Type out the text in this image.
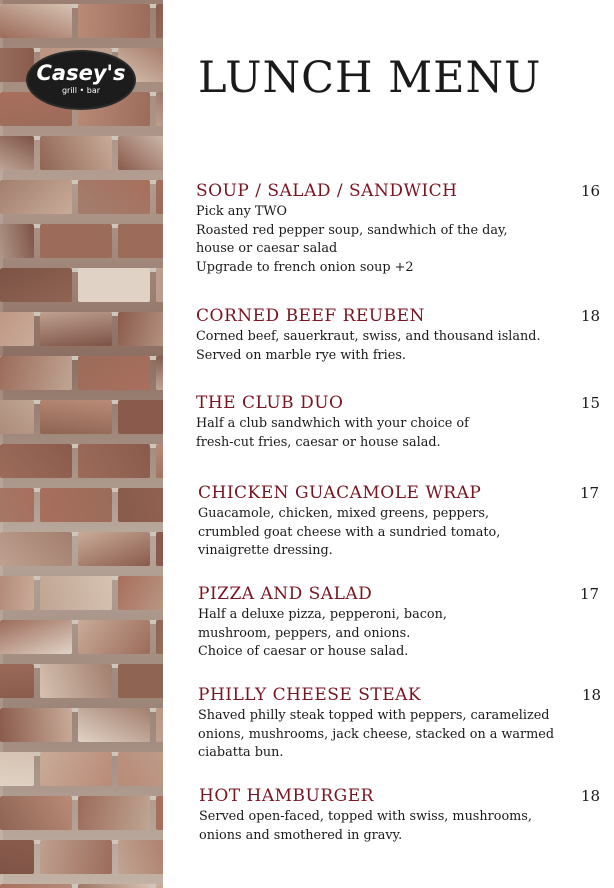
Casey's
grill • bar	LUNCH MENU
SOUP / SALAD / SANDWICH	16
Pick any TWO
Roasted red pepper soup, sandwhich of the day,
house or caesar salad
Upgrade to french onion soup +2
CORNED BEEF REUBEN	18
Corned beef, sauerkraut, swiss, and thousand island.
Served on marble rye with fries.
THE CLUB DUO	15
Half a club sandwhich with your choice of
fresh-cut fries, caesar or house salad.
CHICKEN GUACAMOLE WRAP	17
Guacamole, chicken, mixed greens, peppers,
crumbled goat cheese with a sundried tomato,
vinaigrette dressing.
PIZZA AND SALAD	17
Half a deluxe pizza, pepperoni, bacon,
mushroom, peppers, and onions.
Choice of caesar or house salad.
PHILLY CHEESE STEAK	18
Shaved philly steak topped with peppers, caramelized
onions, mushrooms, jack cheese, stacked on a warmed
ciabatta bun.
HOT HAMBURGER	18
Served open-faced, topped with swiss, mushrooms,
onions and smothered in gravy.
